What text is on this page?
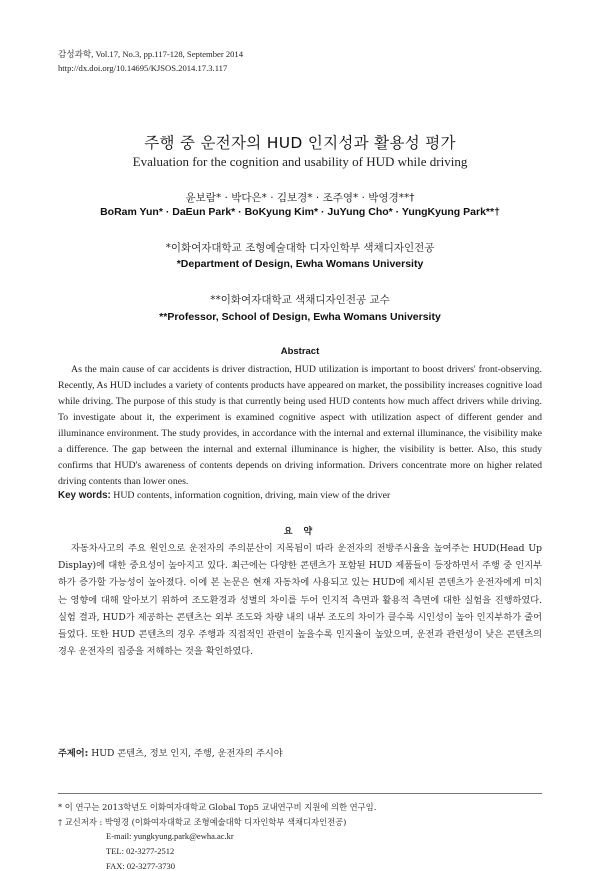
감성과학, Vol.17, No.3, pp.117-128, September 2014
http://dx.doi.org/10.14695/KJSOS.2014.17.3.117
주행 중 운전자의 HUD 인지성과 활용성 평가
Evaluation for the cognition and usability of HUD while driving
윤보람* · 박다은* · 김보경* · 조주영* · 박영경**†
BoRam Yun* · DaEun Park* · BoKyung Kim* · JuYung Cho* · YungKyung Park**†
*이화여자대학교 조형예술대학 디자인학부 색채디자인전공
*Department of Design, Ewha Womans University
**이화여자대학교 색채디자인전공 교수
**Professor, School of Design, Ewha Womans University
Abstract

As the main cause of car accidents is driver distraction, HUD utilization is important to boost drivers' front-observing. Recently, As HUD includes a variety of contents products have appeared on market, the possibility increases cognitive load while driving. The purpose of this study is that currently being used HUD contents how much affect drivers while driving. To investigate about it, the experiment is examined cognitive aspect with utilization aspect of different gender and illuminance environment. The study provides, in accordance with the internal and external illuminance, the visibility make a difference. The gap between the internal and external illuminance is higher, the visibility is better. Also, this study confirms that HUD's awareness of contents depends on driving information. Drivers concentrate more on higher related driving contents than lower ones.

Key words: HUD contents, information cognition, driving, main view of the driver
요 약

자동차사고의 주요 원인으로 운전자의 주의분산이 지목됨이 따라 운전자의 전방주시율을 높여주는 HUD(Head Up Display)에 대한 중요성이 높아지고 있다. 최근에는 다양한 콘텐츠가 포함된 HUD 제품들이 등장하면서 주행 중 인지부하가 증가할 가능성이 높아졌다. 이에 본 논문은 현재 자동차에 사용되고 있는 HUD에 제시된 콘텐츠가 운전자에게 미치는 영향에 대해 알아보기 위하여 조도환경과 성별의 차이를 두어 인지적 측면과 활용적 측면에 대한 실험을 진행하였다. 실험 결과, HUD가 제공하는 콘텐츠는 외부 조도와 차량 내의 내부 조도의 차이가 클수록 시인성이 높아 인지부하가 줄어들었다. 또한 HUD 콘텐츠의 경우 주행과 직접적인 관련이 높을수록 인지율이 높았으며, 운전과 관련성이 낮은 콘텐츠의 경우 운전자의 집중을 저해하는 것을 확인하였다.

주제어: HUD 콘텐츠, 정보 인지, 주행, 운전자의 주시야
* 이 연구는 2013학년도 이화여자대학교 Global Top5 교내연구비 지원에 의한 연구임.
† 교신저자 : 박영경 (이화여자대학교 조형예술대학 디자인학부 색채디자인전공)
E-mail: yungkyung.park@ewha.ac.kr
TEL: 02-3277-2512
FAX: 02-3277-3730
